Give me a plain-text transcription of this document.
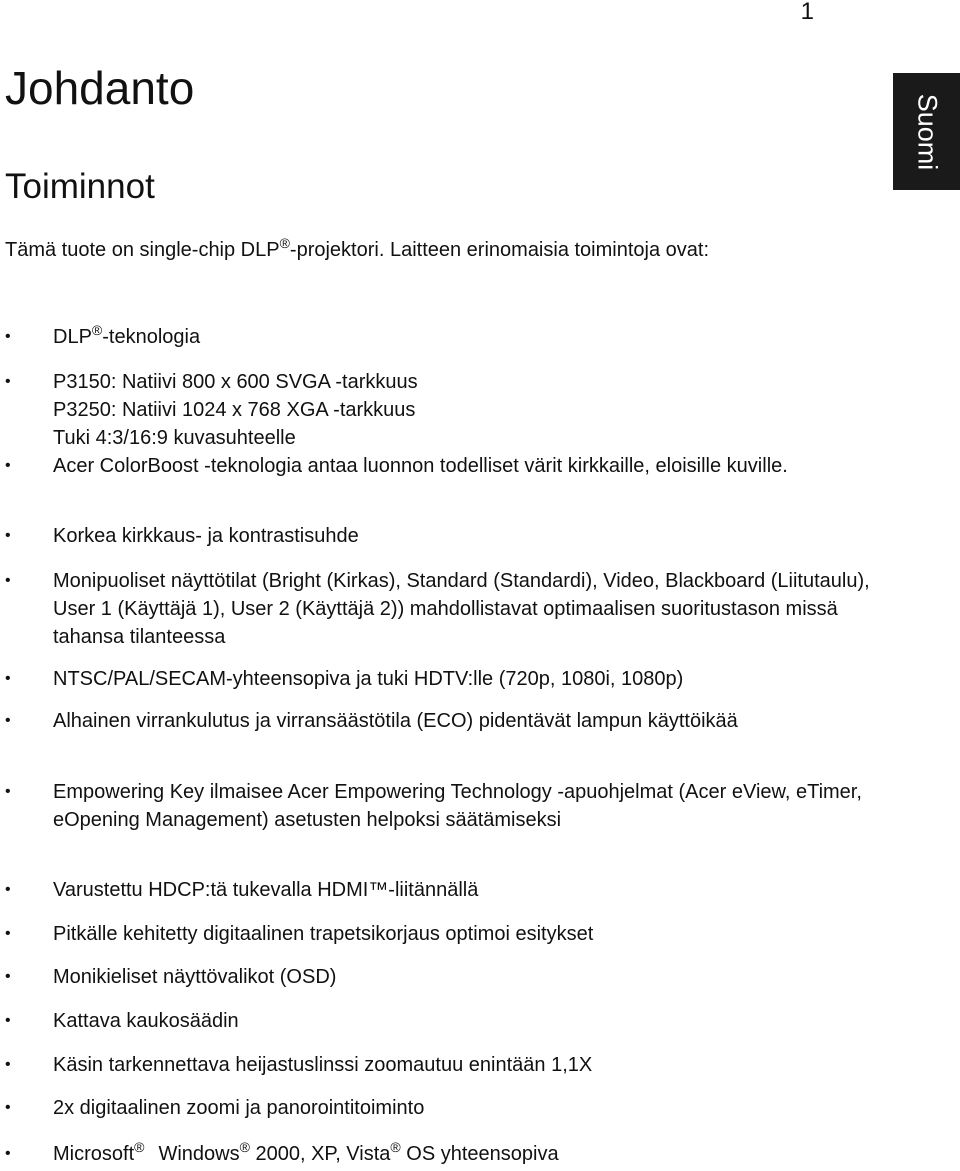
1
Suomi
Johdanto
Toiminnot

Tämä tuote on single-chip DLP®-projektori. Laitteen erinomaisia toimintoja ovat:

• DLP®-teknologia
• P3150: Natiivi 800 x 600 SVGA -tarkkuus
P3250: Natiivi 1024 x 768 XGA -tarkkuus
Tuki 4:3/16:9 kuvasuhteelle
• Acer ColorBoost -teknologia antaa luonnon todelliset värit kirkkaille, eloisille kuville.
• Korkea kirkkaus- ja kontrastisuhde
• Monipuoliset näyttötilat (Bright (Kirkas), Standard (Standardi), Video, Blackboard (Liitutaulu), User 1 (Käyttäjä 1), User 2 (Käyttäjä 2)) mahdollistavat optimaalisen suoritustason missä tahansa tilanteessa
• NTSC/PAL/SECAM-yhteensopiva ja tuki HDTV:lle (720p, 1080i, 1080p)
• Alhainen virrankulutus ja virransäästötila (ECO) pidentävät lampun käyttöikää
• Empowering Key ilmaisee Acer Empowering Technology -apuohjelmat (Acer eView, eTimer, eOpening Management) asetusten helpoksi säätämiseksi
• Varustettu HDCP:tä tukevalla HDMI™-liitännällä
• Pitkälle kehitetty digitaalinen trapetsikorjaus optimoi esitykset
• Monikieliset näyttövalikot (OSD)
• Kattava kaukosäädin
• Käsin tarkennettava heijastuslinssi zoomautuu enintään 1,1X
• 2x digitaalinen zoomi ja panorointitoiminto
• Microsoft® Windows® 2000, XP, Vista® OS yhteensopiva
